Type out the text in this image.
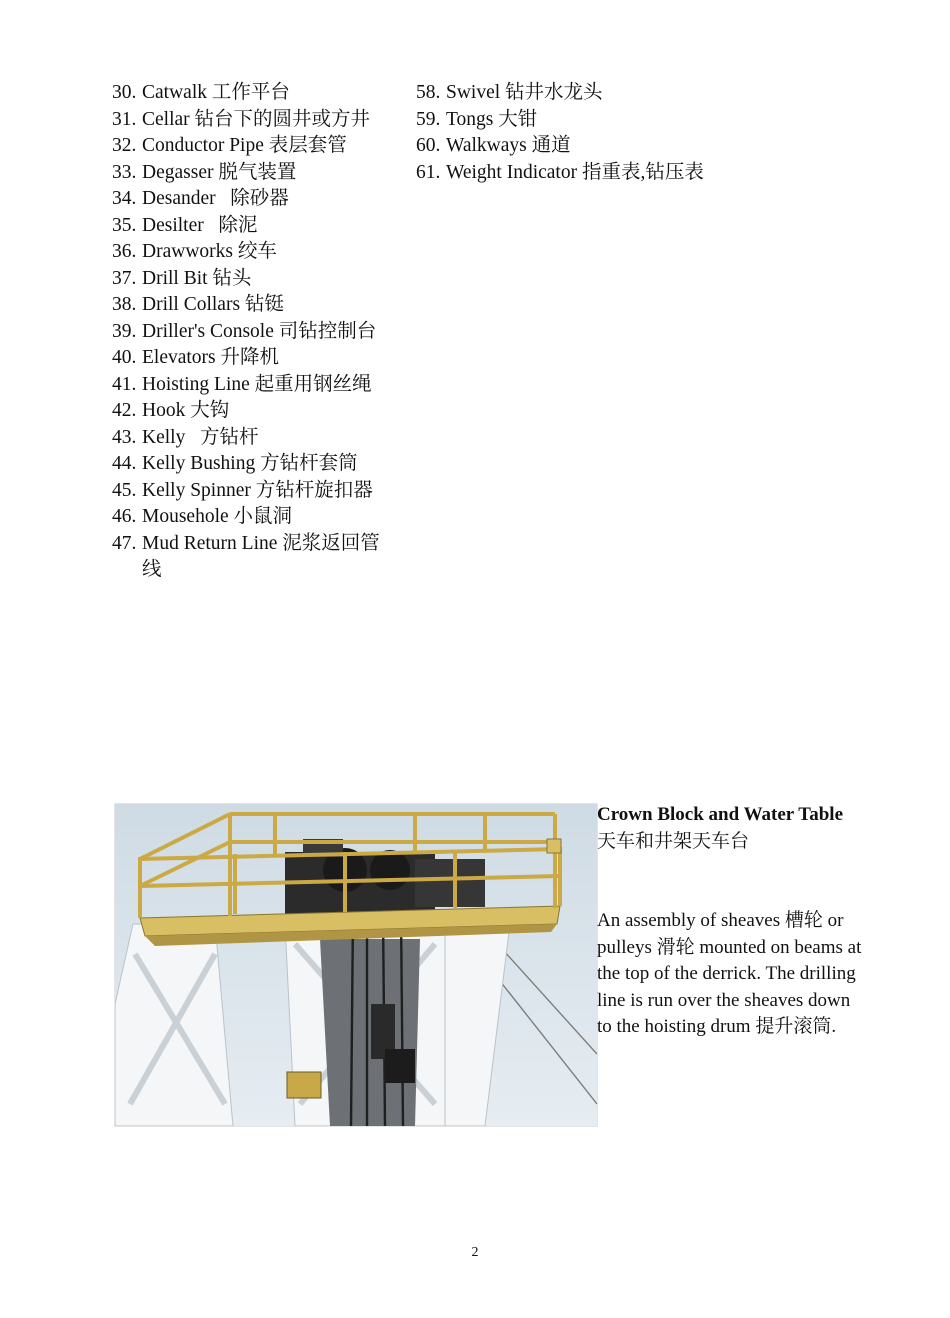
30. Catwalk 工作平台
31. Cellar 钻台下的圆井或方井
32. Conductor Pipe 表层套管
33. Degasser 脱气装置
34. Desander   除砂器
35. Desilter   除泥
36. Drawworks 绞车
37. Drill Bit 钻头
38. Drill Collars 钻铤
39. Driller's Console 司钻控制台
40. Elevators 升降机
41. Hoisting Line 起重用钢丝绳
42. Hook 大钩
43. Kelly   方钻杆
44. Kelly Bushing 方钻杆套筒
45. Kelly Spinner 方钻杆旋扣器
46. Mousehole 小鼠洞
47. Mud Return Line 泥浆返回管线
58. Swivel 钻井水龙头
59. Tongs 大钳
60. Walkways 通道
61. Weight Indicator 指重表,钻压表

Crown Block and Water Table 天车和井架天车台

An assembly of sheaves 槽轮 or pulleys 滑轮 mounted on beams at the top of the derrick. The drilling line is run over the sheaves down to the hoisting drum 提升滚筒.

2
